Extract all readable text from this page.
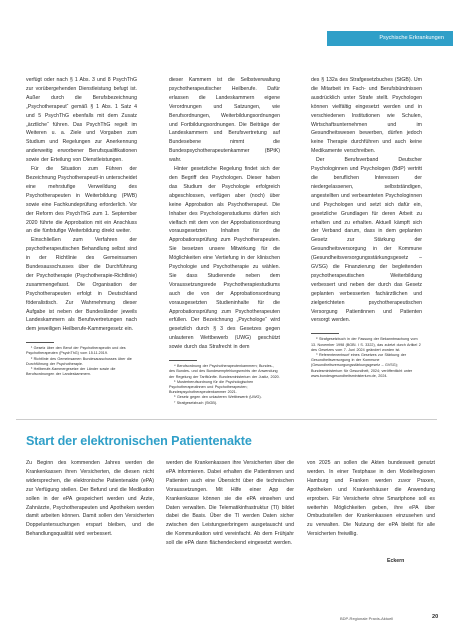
Psychische Erkrankungen

verfügt oder nach § 1 Abs. 3 und 8 PsychThG zur vorübergehenden Dienstleistung befugt ist. Außer durch die Berufsbezeichnung „Psychotherapeut“ gemäß § 1 Abs. 1 Satz 4 und 5 PsychThG ebenfalls mit dem Zusatz „ärztliche“ führen. Das PsychThG regelt im Weiteren u. a. Ziele und Vorgaben zum Studium und Regelungen zur Anerkennung anderweitig erworbener Berufsqualifikationen sowie der Erteilung von Dienstleistungen.

Für die Situation zum Führen der Bezeichnung Psychotherapeut/-in unterscheidet eine mehrstufige Verweildung des Psychotherapeuten in Weiterbildung (PWB) sowie eine Fachkundeprüfung erforderlich. Vor der Reform des PsychThG zum 1. September 2020 führte die Approbation mit ein Anschluss an die fünfstufige Weiterbildung direkt weiter.

Einschließen zum Verfahren der psychotherapeutischen Behandlung selbst sind in der Richtlinie des Gemeinsamen Bundesausschusses über die Durchführung der Psychotherapie (Psychotherapie-Richtlinie) zusammengefasst. Die Organisation der Psychotherapeuten erfolgt in Deutschland föderalistisch. Zur Wahrnehmung dieser Aufgabe ist neben der Bundesländer jeweils Landeskammern als Berufsvertretungen nach dem jeweiligen Heilberufe-Kammergesetz ein.

¹ Gesetz über den Beruf der Psychotherapeutin und des Psychotherapeuten (PsychThG) vom 15.11.2019.

² Richtlinie des Gemeinsamen Bundesausschusses über die Durchführung der Psychotherapie.

³ Heilberufe-Kammergesetze der Länder sowie die Berufsordnungen der Landeskammern.

dieser Kammern ist die Selbstverwaltung psychotherapeutischer Heilberufe. Dafür erlassen die Landeskammern eigene Verordnungen und Satzungen, wie Berufsordnungen, Weiterbildungsordnungen und Fortbildungsordnungen. Die Beiträge der Landeskammern und Berufsvertretung auf Bundesebene nimmt die Bundespsychotherapeutenkammer (BPtK) wahr.

Hinter gesetzliche Regelung findet sich der den Begriff des Psychologen. Dieser haben das Studium der Psychologie erfolgreich abgeschlossen, verfügen aber (noch) über keine Approbation als Psychotherapeut. Die Inhaber des Psychologenstudiums dürfen sich vielfach mit dem von der Approbationsordnung vorausgesetzten Inhalten für die Approbationsprüfung zum Psychotherapeuten. Sie besetzen unsere Mitwirkung für die Möglichkeiten eine Vertiefung in der klinischen Psychologie und Psychotherapie zu wählen. Sie dass Studierende neben dem Voraussetzungsrede Psychotherapiestudiums auch die von der Approbationsordnung vorausgesetzten Studieninhalte für die Approbationsprüfung zum Psychotherapeuten erfüllen. Der Bezeichnung „Psychologe“ wird gesetzlich durch § 3 des Gesetzes gegen unlauteren Wettbewerb (UWG) geschützt sowie durch das Strafrecht in dem

⁴ Berufsordnung der Psychotherapeutenkammern; Bundes-, des Bundes- und des Bundesempfehlungsrechts der Anwendung der Regelung der Tarifkünfte. Bundesministerium der Justiz, 2020.

⁵ Musterberufsordnung für die Psychologischen Psychotherapeutinnen und Psychotherapeuten; Bundespsychotherapeutenkammer 2021.

⁶ Gesetz gegen den unlauteren Wettbewerb (UWG).

⁷ Strafgesetzbuch (StGB).

des § 132a des Strafgesetzbuches (StGB). Um die Mitarbeit im Fach- und Berufsbündnissen ausdrücklich unter Strafe stellt. Psychologen können vielfältig eingesetzt werden und in verschiedenen Institutionen wie Schulen, Wirtschaftsunternehmen und im Gesundheitswesen bewerben, dürfen jedoch keine Therapie durchführen und auch keine Medikamente verschreiben.

Der Berufsverband Deutscher Psychologinnen und Psychologen (BdP) vertritt die beruflichen Interessen der niedergelassenen, selbstständigen, angestellten und verbeamteten Psychologinnen und Psychologen und setzt sich dafür ein, gesetzliche Grundlagen für deren Arbeit zu erhalten und zu erhalten. Aktuell kämpft sich der Verband darum, dass in dem geplanten Gesetz zur Stärkung der Gesundheitsversorgung in der Kommune (Gesundheitsversorgungsstärkungsgesetz – GVSG) die Finanzierung der begleitenden psychotherapeutischen Weiterbildung verbessert und neben der durch das Gesetz geplanten verbesserten fachärztlichen und zielgerichteten psychotherapeutischen Versorgung Patientinnen und Patienten versorgt werden.

⁸ Strafgesetzbuch in der Fassung der Bekanntmachung vom 13. November 1998 (BGBl. I S. 3322), das zuletzt durch Artikel 2 des Gesetzes vom 7. Juni 2024 geändert worden ist.

⁹ Referentenentwurf eines Gesetzes zur Stärkung der Gesundheitsversorgung in der Kommune (Gesundheitsversorgungsstärkungsgesetz – GVSG); Bundesministerium für Gesundheit, 2024; veröffentlicht unter www.bundesgesundheitsministerium.de, 2024.

Start der elektronischen Patientenakte

Zu Beginn des kommenden Jahres werden die Krankenkassen ihren Versicherten, die diesen nicht widersprechen, die elektronische Patientenakte (ePA) zur Verfügung stellen. Der Befund und die Medikation sollen in der ePA gespeichert werden und Ärzte, Zahnärzte, Psychotherapeuten und Apotheken werden damit arbeiten können. Damit sollen den Versicherten Doppeluntersuchungen erspart bleiben, und die Behandlungsqualität wird verbessert.

werden die Krankenkassen ihre Versicherten über die ePA informieren. Dabei erhalten die Patientinnen und Patienten auch eine Übersicht über die technischen Voraussetzungen. Mit Hilfe einer App der Krankenkasse können sie die ePA einsehen und Daten verwalten. Die Telematikinfrastruktur (TI) bildet dabei die Basis. Über die TI werden Daten sicher zwischen den Leistungserbringern ausgetauscht und die Kommunikation wird vereinfacht. Ab dem Frühjahr soll die ePA dann flächendeckend eingesetzt werden.

von 2025 an sollen die Akten bundesweit genutzt werden. In einer Testphase in den Modellregionen Hamburg und Franken werden zuvor Praxen, Apotheken und Krankenhäuser die Anwendung erproben. Für Versicherte ohne Smartphone soll es weiterhin Möglichkeiten geben, ihre ePA über Ombudsstellen der Krankenkassen einzusehen und zu verwalten. Die Nutzung der ePA bleibt für alle Versicherten freiwillig.

Eckern
BDP-Regionale Praxis-Aktuell	20
